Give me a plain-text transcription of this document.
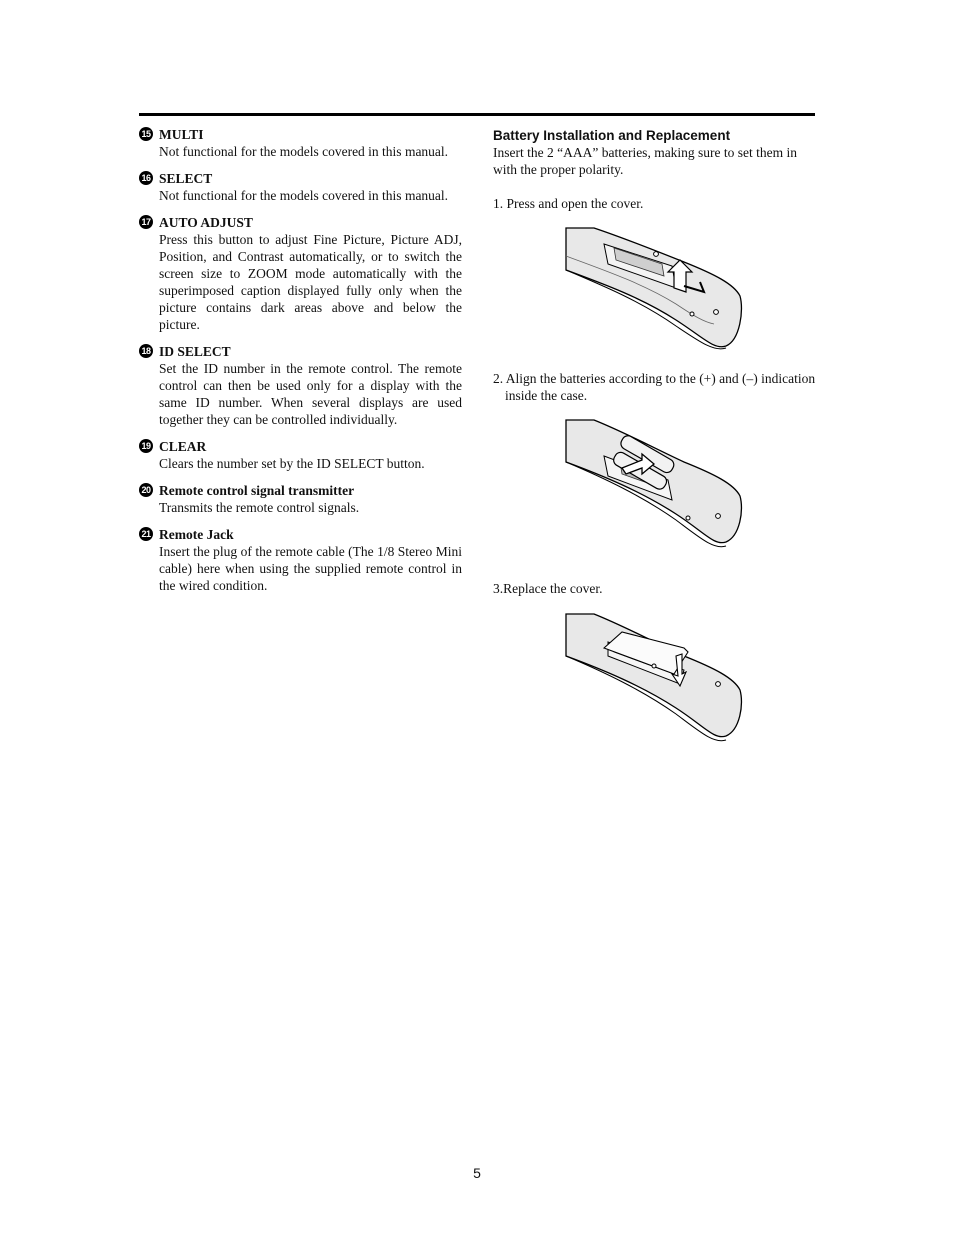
15 MULTI
Not functional for the models covered in this manual.
16 SELECT
Not functional for the models covered in this manual.
17 AUTO ADJUST
Press this button to adjust Fine Picture, Picture ADJ, Position, and Contrast automatically, or to switch the screen size to ZOOM mode automatically with the superimposed caption displayed fully only when the picture contains dark areas above and below the picture.
18 ID SELECT
Set the ID number in the remote control. The remote control can then be used only for a display with the same ID number. When several displays are used together they can be controlled individually.
19 CLEAR
Clears the number set by the ID SELECT button.
20 Remote control signal transmitter
Transmits the remote control signals.
21 Remote Jack
Insert the plug of the remote cable (The 1/8 Stereo Mini cable) here when using the supplied remote control in the wired condition.
Battery Installation and Replacement
Insert the 2 “AAA” batteries, making sure to set them in with the proper polarity.
1. Press and open the cover.
2. Align the batteries according to the (+) and (–) indication inside the case.
3.Replace the cover.
5
